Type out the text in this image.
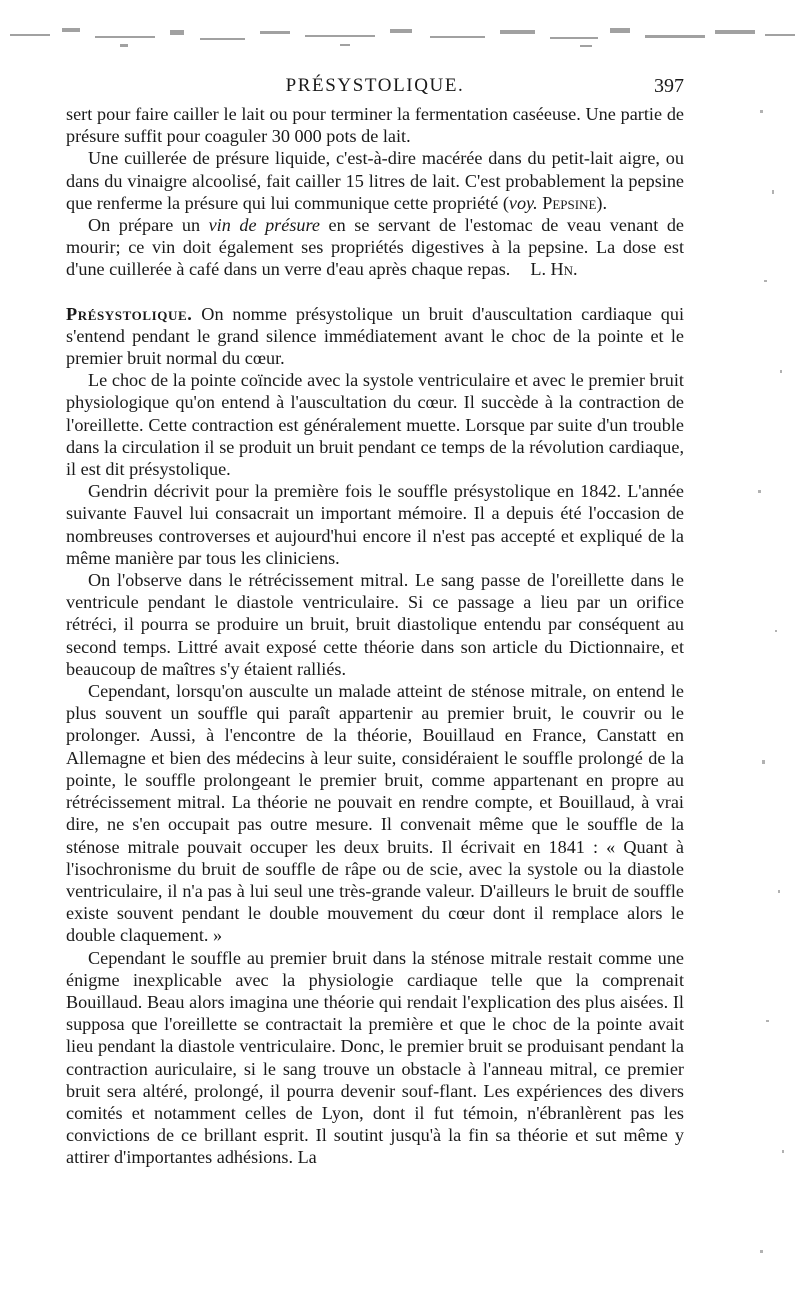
PRÉSYSTOLIQUE.	397

sert pour faire cailler le lait ou pour terminer la fermentation caséeuse. Une partie de présure suffit pour coaguler 30 000 pots de lait.

Une cuillerée de présure liquide, c'est-à-dire macérée dans du petit-lait aigre, ou dans du vinaigre alcoolisé, fait cailler 15 litres de lait. C'est probablement la pepsine que renferme la présure qui lui communique cette propriété (voy. Pepsine).

On prépare un vin de présure en se servant de l'estomac de veau venant de mourir; ce vin doit également ses propriétés digestives à la pepsine. La dose est d'une cuillerée à café dans un verre d'eau après chaque repas. L. Hn.

Présystolique. On nomme présystolique un bruit d'auscultation cardiaque qui s'entend pendant le grand silence immédiatement avant le choc de la pointe et le premier bruit normal du cœur.

Le choc de la pointe coïncide avec la systole ventriculaire et avec le premier bruit physiologique qu'on entend à l'auscultation du cœur. Il succède à la contraction de l'oreillette. Cette contraction est généralement muette. Lorsque par suite d'un trouble dans la circulation il se produit un bruit pendant ce temps de la révolution cardiaque, il est dit présystolique.

Gendrin décrivit pour la première fois le souffle présystolique en 1842. L'année suivante Fauvel lui consacrait un important mémoire. Il a depuis été l'occasion de nombreuses controverses et aujourd'hui encore il n'est pas accepté et expliqué de la même manière par tous les cliniciens.

On l'observe dans le rétrécissement mitral. Le sang passe de l'oreillette dans le ventricule pendant le diastole ventriculaire. Si ce passage a lieu par un orifice rétréci, il pourra se produire un bruit, bruit diastolique entendu par conséquent au second temps. Littré avait exposé cette théorie dans son article du Dictionnaire, et beaucoup de maîtres s'y étaient ralliés.

Cependant, lorsqu'on ausculte un malade atteint de sténose mitrale, on entend le plus souvent un souffle qui paraît appartenir au premier bruit, le couvrir ou le prolonger. Aussi, à l'encontre de la théorie, Bouillaud en France, Canstatt en Allemagne et bien des médecins à leur suite, considéraient le souffle prolongé de la pointe, le souffle prolongeant le premier bruit, comme appartenant en propre au rétrécissement mitral. La théorie ne pouvait en rendre compte, et Bouillaud, à vrai dire, ne s'en occupait pas outre mesure. Il convenait même que le souffle de la sténose mitrale pouvait occuper les deux bruits. Il écrivait en 1841 : « Quant à l'isochronisme du bruit de souffle de râpe ou de scie, avec la systole ou la diastole ventriculaire, il n'a pas à lui seul une très-grande valeur. D'ailleurs le bruit de souffle existe souvent pendant le double mouvement du cœur dont il remplace alors le double claquement. »

Cependant le souffle au premier bruit dans la sténose mitrale restait comme une énigme inexplicable avec la physiologie cardiaque telle que la comprenait Bouillaud. Beau alors imagina une théorie qui rendait l'explication des plus aisées. Il supposa que l'oreillette se contractait la première et que le choc de la pointe avait lieu pendant la diastole ventriculaire. Donc, le premier bruit se produisant pendant la contraction auriculaire, si le sang trouve un obstacle à l'anneau mitral, ce premier bruit sera altéré, prolongé, il pourra devenir souf-flant. Les expériences des divers comités et notamment celles de Lyon, dont il fut témoin, n'ébranlèrent pas les convictions de ce brillant esprit. Il soutint jusqu'à la fin sa théorie et sut même y attirer d'importantes adhésions. La
